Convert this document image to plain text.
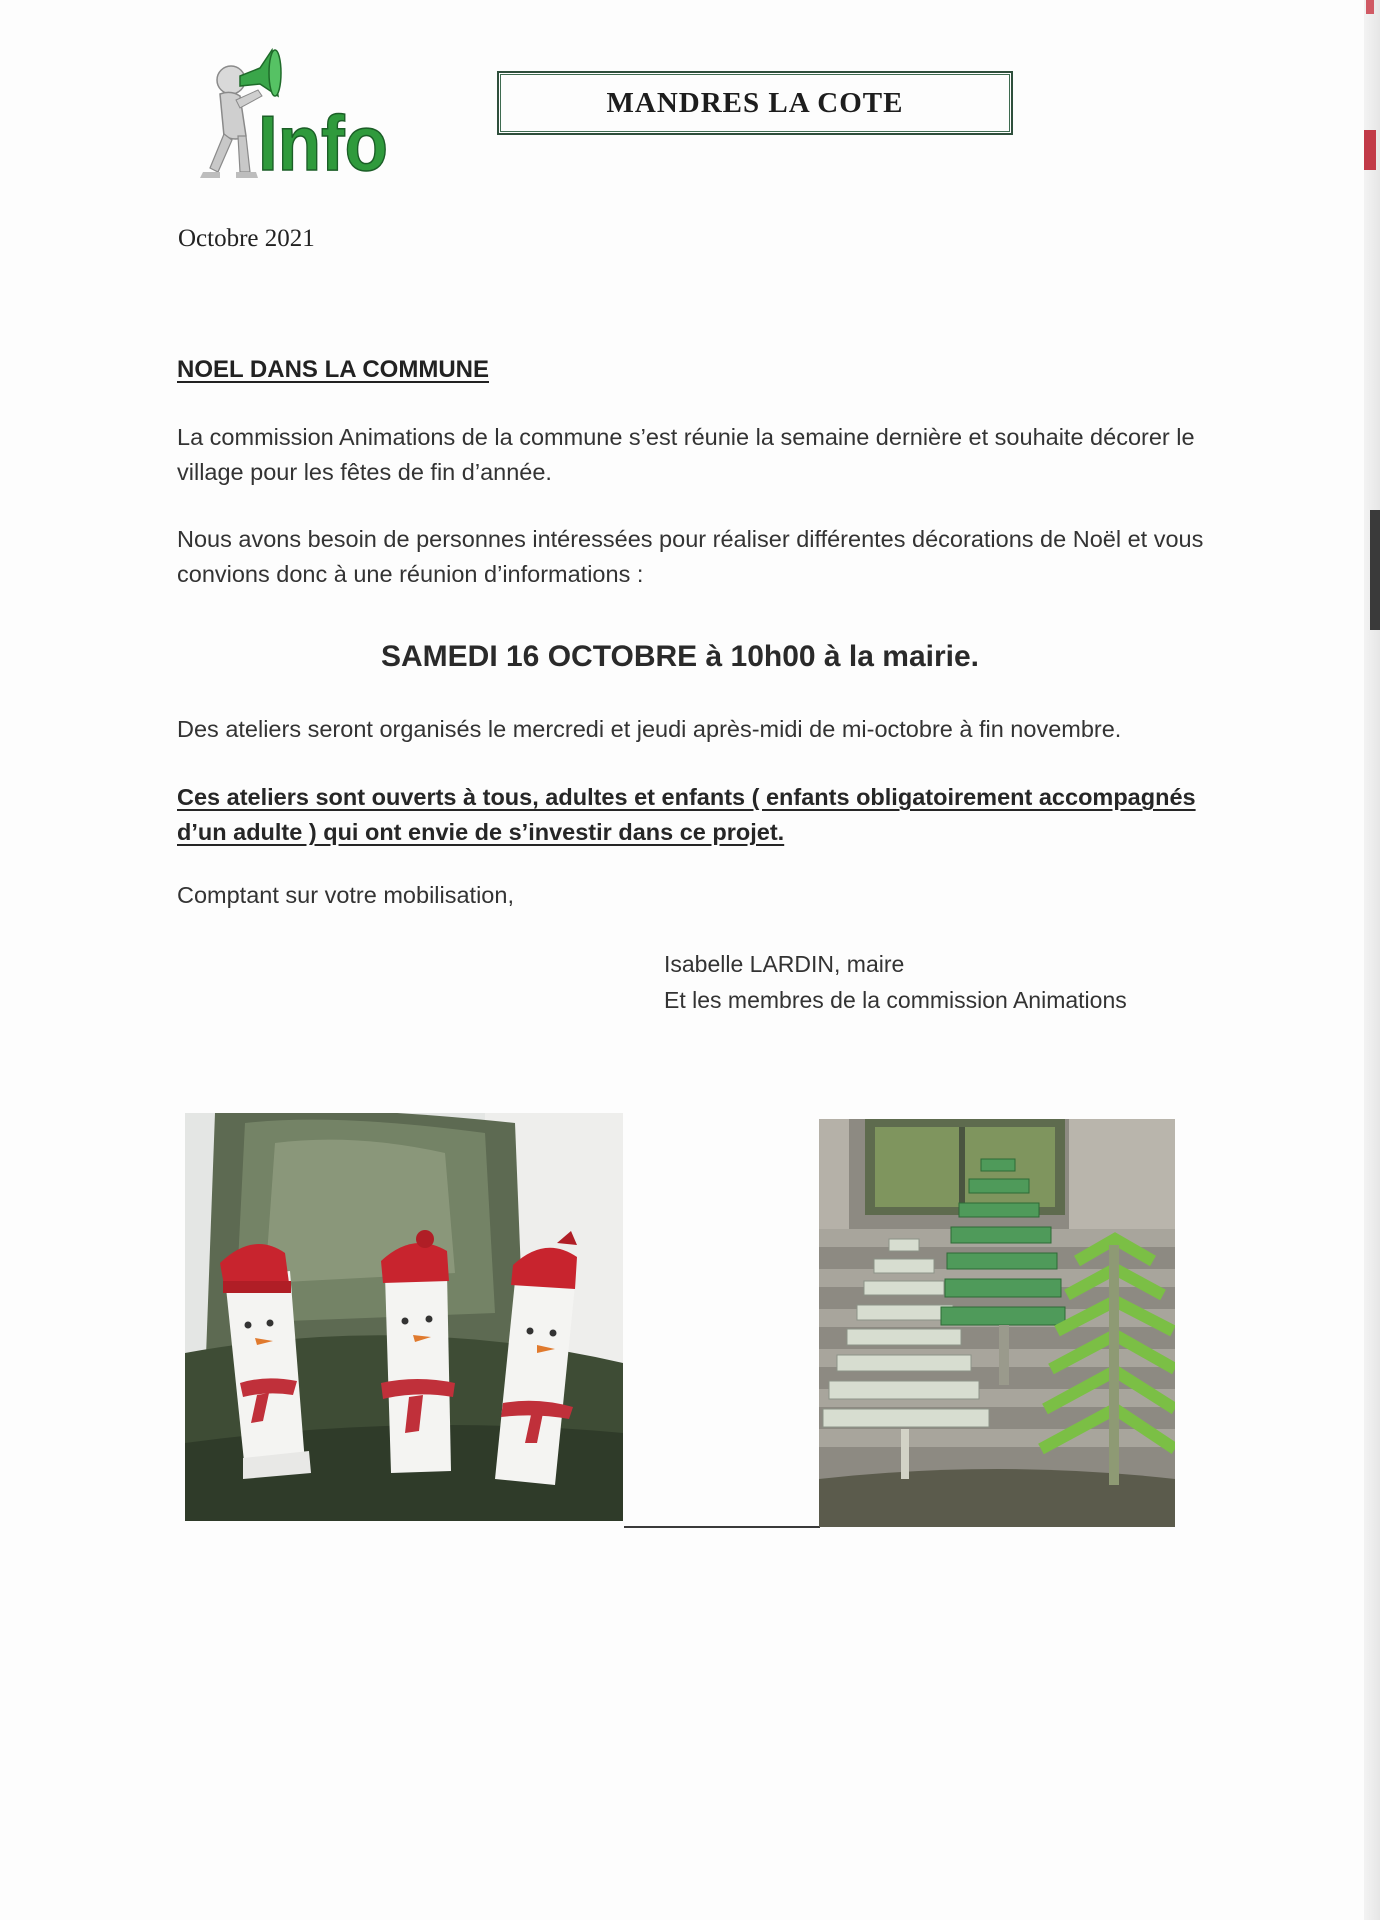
Info	MANDRES LA COTE
Octobre 2021
NOEL DANS LA COMMUNE

La commission Animations de la commune s’est réunie la semaine dernière et souhaite décorer le village pour les fêtes de fin d’année.

Nous avons besoin de personnes intéressées pour réaliser différentes décorations de Noël et vous convions donc à une réunion d’informations :

SAMEDI 16 OCTOBRE à 10h00 à la mairie.

Des ateliers seront organisés le mercredi et jeudi après-midi de mi-octobre à fin novembre.

Ces ateliers sont ouverts à tous, adultes et enfants ( enfants obligatoirement accompagnés d’un adulte ) qui ont envie de s’investir dans ce projet.

Comptant sur votre mobilisation,

Isabelle LARDIN, maire
Et les membres de la commission Animations
